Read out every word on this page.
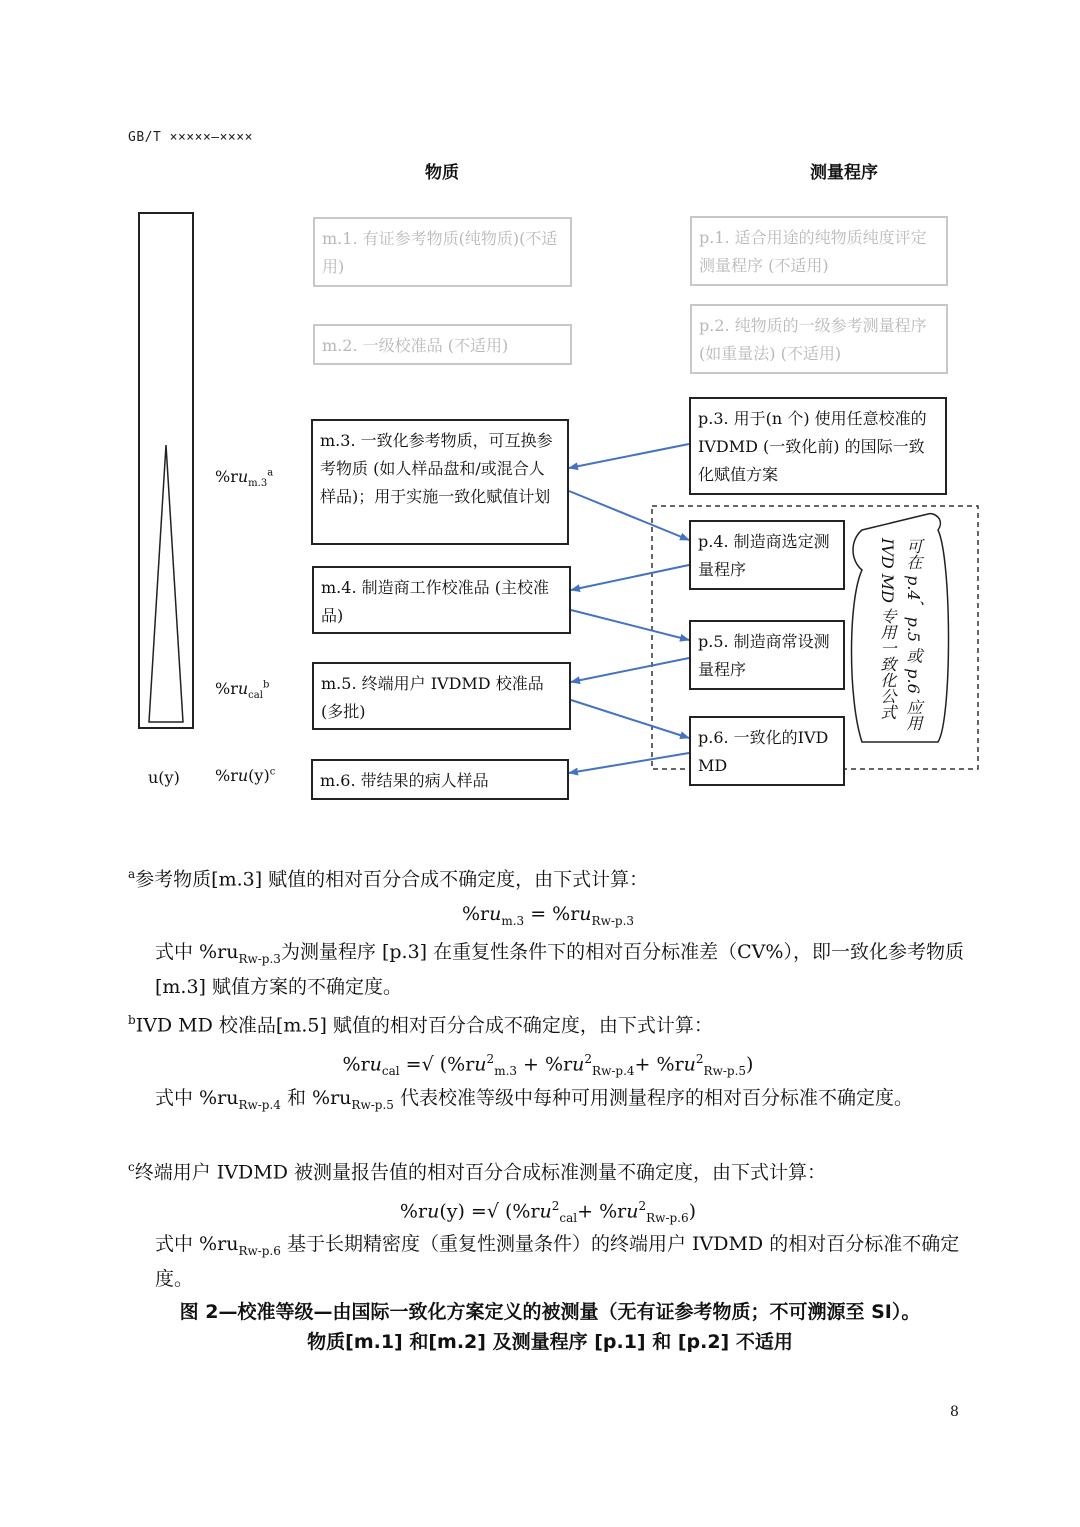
GB/T ×××××—××××
物质	测量程序
m.1. 有证参考物质(纯物质)(不适用)
m.2. 一级校准品 (不适用)
m.3. 一致化参考物质，可互换参考物质 (如人样品盘和/或混合人样品)；用于实施一致化赋值计划
m.4. 制造商工作校准品 (主校准品)
m.5. 终端用户 IVDMD 校准品 (多批)
m.6. 带结果的病人样品
p.1. 适合用途的纯物质纯度评定测量程序 (不适用)
p.2. 纯物质的一级参考测量程序(如重量法) (不适用)
p.3. 用于(n 个) 使用任意校准的 IVDMD (一致化前) 的国际一致化赋值方案
p.4. 制造商选定测量程序
p.5. 制造商常设测量程序
p.6. 一致化的IVD MD
可在 p.4、p.5 或 p.6 应用 IVD MD 专用一致化公式
$\%ru_{m.3}^a$
$\%ru_{cal}^b$
u(y) $\%ru(y)^c$
$^a$参考物质[m.3] 赋值的相对百分合成不确定度，由下式计算：
$\%ru_{m.3} = \%ru_{Rw-p.3}$
式中 $\%ru_{Rw-p.3}$为测量程序 [p.3] 在重复性条件下的相对百分标准差（CV%），即一致化参考物质 [m.3] 赋值方案的不确定度。
$^b$IVD MD 校准品[m.5] 赋值的相对百分合成不确定度，由下式计算：
$\%ru_{cal}$ =√ $(\%ru^2_{m.3} + \%ru^2_{Rw-p.4}+ \%ru^2_{Rw-p.5})$
式中 $\%ru_{Rw-p.4}$ 和 $\%ru_{Rw-p.5}$ 代表校准等级中每种可用测量程序的相对百分标准不确定度。
$^c$终端用户 IVDMD 被测量报告值的相对百分合成标准测量不确定度，由下式计算：
%ru(y) =√ $(\%ru^2_{cal}+ \%ru^2_{Rw-p.6})$
式中 $\%ru_{Rw-p.6}$ 基于长期精密度（重复性测量条件）的终端用户 IVDMD 的相对百分标准不确定度。
图 2—校准等级—由国际一致化方案定义的被测量（无有证参考物质；不可溯源至 SI）。
物质[m.1] 和[m.2] 及测量程序 [p.1] 和 [p.2] 不适用
8
